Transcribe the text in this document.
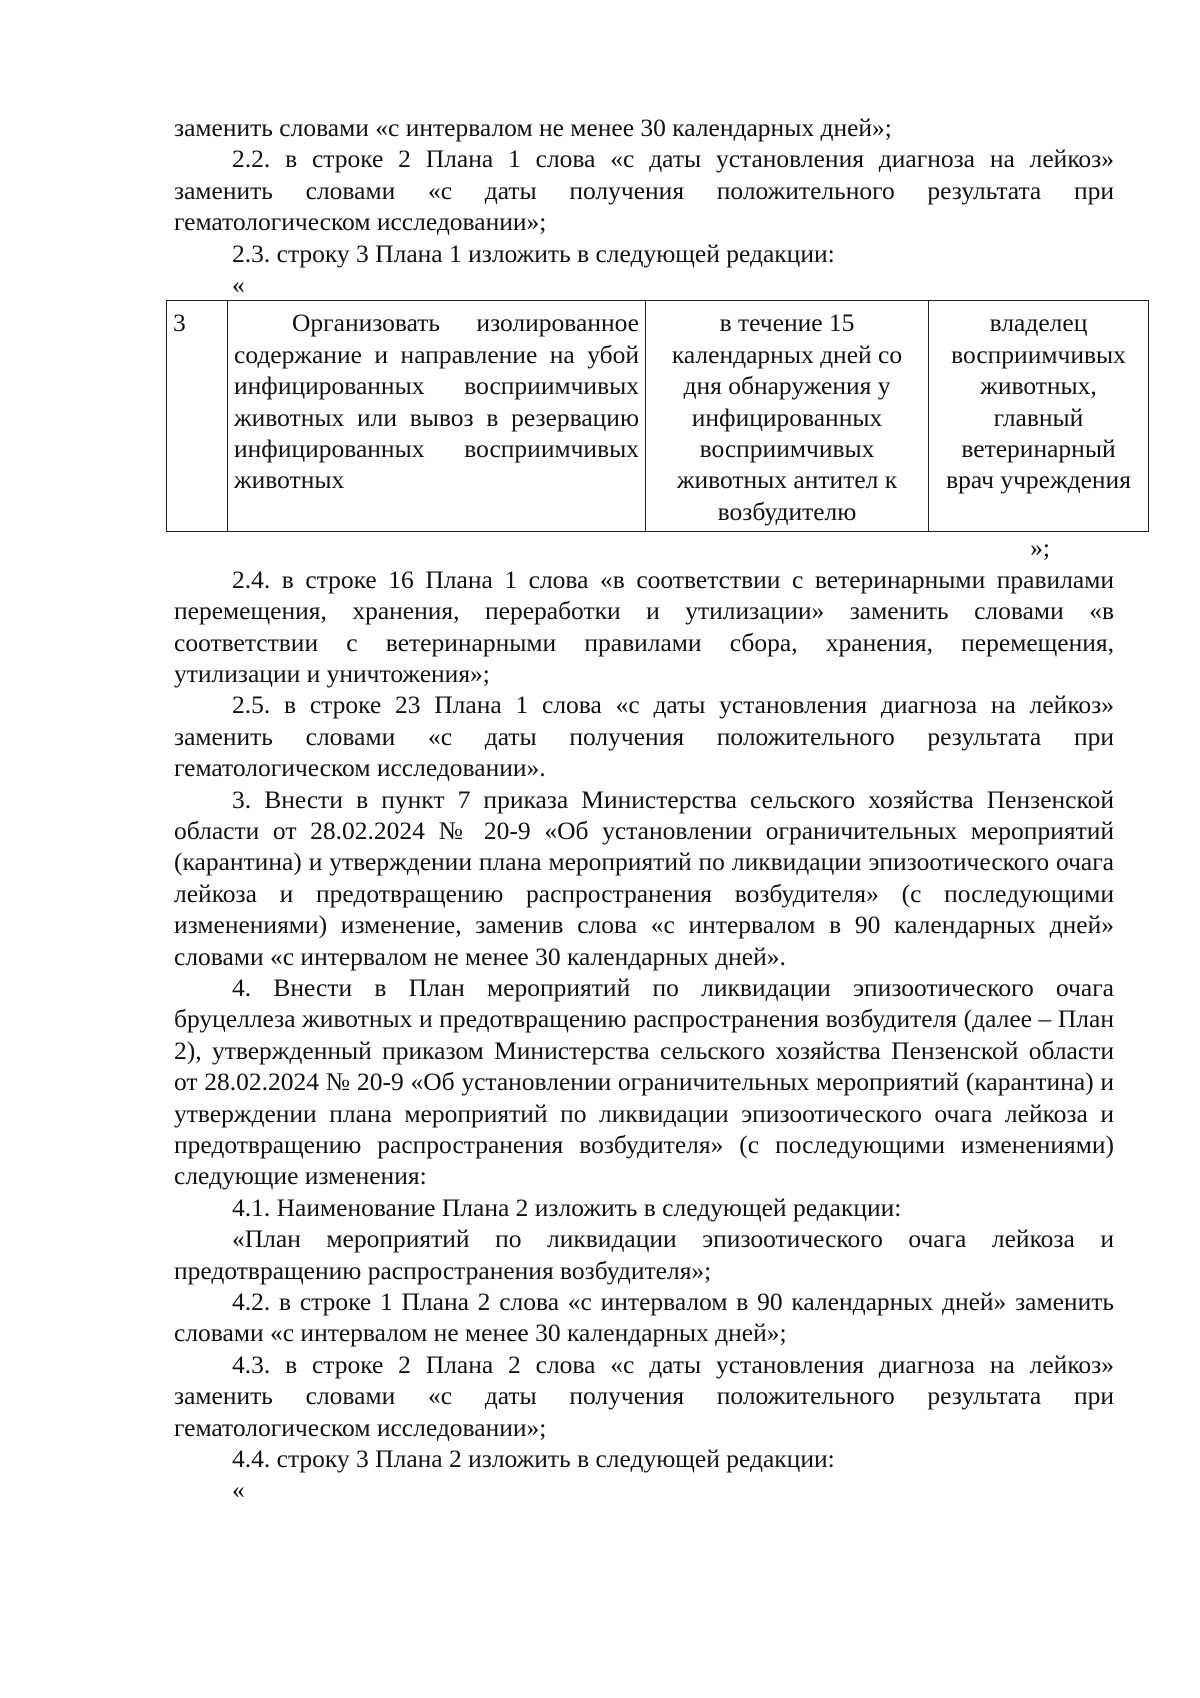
заменить словами «с интервалом не менее 30 календарных дней»;

2.2. в строке 2 Плана 1 слова «с даты установления диагноза на лейкоз» заменить словами «с даты получения положительного результата при гематологическом исследовании»;

2.3. строку 3 Плана 1 изложить в следующей редакции:

«

3	Организовать изолированное содержание и направление на убой инфицированных восприимчивых животных или вывоз в резервацию инфицированных восприимчивых животных	в течение 15 календарных дней со дня обнаружения у инфицированных восприимчивых животных антител к возбудителю	владелец восприимчивых животных, главный ветеринарный врач учреждения

»;

2.4. в строке 16 Плана 1 слова «в соответствии с ветеринарными правилами перемещения, хранения, переработки и утилизации» заменить словами «в соответствии с ветеринарными правилами сбора, хранения, перемещения, утилизации и уничтожения»;

2.5. в строке 23 Плана 1 слова «с даты установления диагноза на лейкоз» заменить словами «с даты получения положительного результата при гематологическом исследовании».

3. Внести в пункт 7 приказа Министерства сельского хозяйства Пензенской области от 28.02.2024 № 20-9 «Об установлении ограничительных мероприятий (карантина) и утверждении плана мероприятий по ликвидации эпизоотического очага лейкоза и предотвращению распространения возбудителя» (с последующими изменениями) изменение, заменив слова «с интервалом в 90 календарных дней» словами «с интервалом не менее 30 календарных дней».

4. Внести в План мероприятий по ликвидации эпизоотического очага бруцеллеза животных и предотвращению распространения возбудителя (далее – План 2), утвержденный приказом Министерства сельского хозяйства Пензенской области от 28.02.2024 № 20-9 «Об установлении ограничительных мероприятий (карантина) и утверждении плана мероприятий по ликвидации эпизоотического очага лейкоза и предотвращению распространения возбудителя» (с последующими изменениями) следующие изменения:

4.1. Наименование Плана 2 изложить в следующей редакции:

«План мероприятий по ликвидации эпизоотического очага лейкоза и предотвращению распространения возбудителя»;

4.2. в строке 1 Плана 2 слова «с интервалом в 90 календарных дней» заменить словами «с интервалом не менее 30 календарных дней»;

4.3. в строке 2 Плана 2 слова «с даты установления диагноза на лейкоз» заменить словами «с даты получения положительного результата при гематологическом исследовании»;

4.4. строку 3 Плана 2 изложить в следующей редакции:

«
